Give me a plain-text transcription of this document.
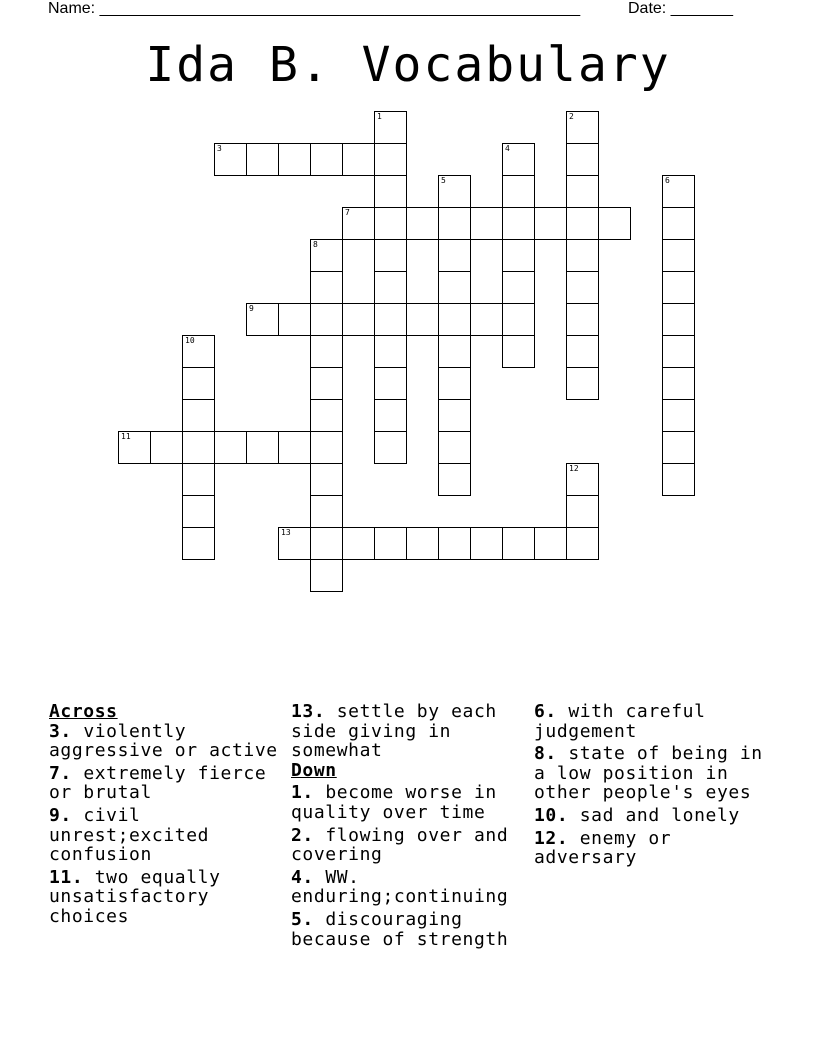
Name: ______________________________________________________	Date: _______
Ida B. Vocabulary
1	2
3	4
5	6
7
8
9
10
11
12
13
Across
3. violently aggressive or active
7. extremely fierce or brutal
9. civil unrest;excited confusion
11. two equally unsatisfactory choices
13. settle by each side giving in somewhat
Down
1. become worse in quality over time
2. flowing over and covering
4. WW. enduring;continuing
5. discouraging because of strength
6. with careful judgement
8. state of being in a low position in other people's eyes
10. sad and lonely
12. enemy or adversary
